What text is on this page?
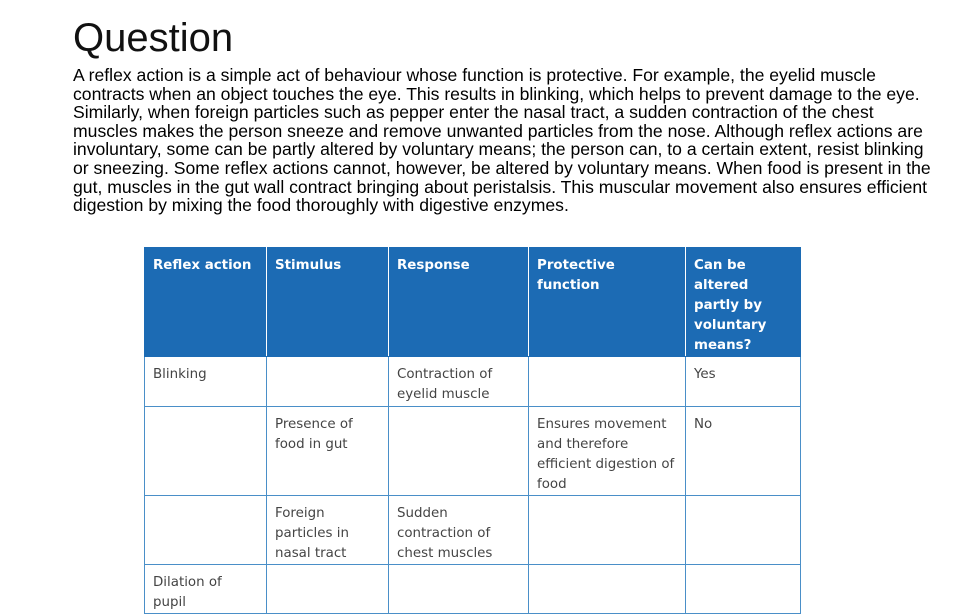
Question
A reflex action is a simple act of behaviour whose function is protective. For example, the eyelid muscle contracts when an object touches the eye. This results in blinking, which helps to prevent damage to the eye. Similarly, when foreign particles such as pepper enter the nasal tract, a sudden contraction of the chest muscles makes the person sneeze and remove unwanted particles from the nose. Although reflex actions are involuntary, some can be partly altered by voluntary means; the person can, to a certain extent, resist blinking or sneezing. Some reflex actions cannot, however, be altered by voluntary means. When food is present in the gut, muscles in the gut wall contract bringing about peristalsis. This muscular movement also ensures efficient digestion by mixing the food thoroughly with digestive enzymes.
Reflex action	Stimulus	Response	Protective function	Can be altered partly by voluntary means?
Blinking		Contraction of eyelid muscle		Yes
	Presence of food in gut		Ensures movement and therefore efficient digestion of food	No
	Foreign particles in nasal tract	Sudden contraction of chest muscles		
Dilation of pupil				
